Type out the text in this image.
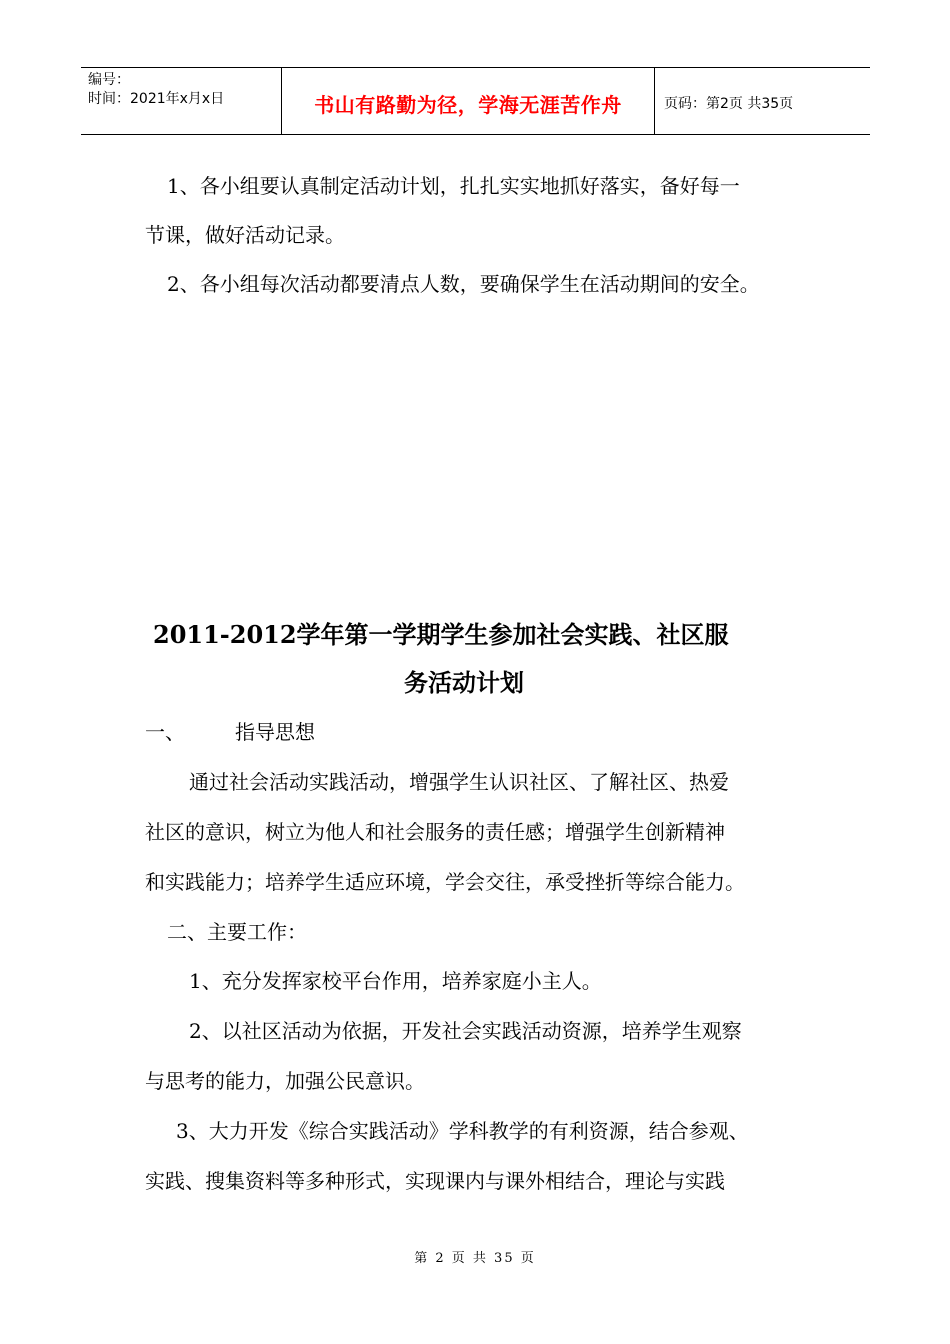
编号：
时间：2021年x月x日	书山有路勤为径，学海无涯苦作舟	页码：第2页 共35页
1、各小组要认真制定活动计划，扎扎实实地抓好落实，备好每一
节课，做好活动记录。
2、各小组每次活动都要清点人数，要确保学生在活动期间的安全。
2011-2012学年第一学期学生参加社会实践、社区服
务活动计划
一、	指导思想
通过社会活动实践活动，增强学生认识社区、了解社区、热爱
社区的意识，树立为他人和社会服务的责任感；增强学生创新精神
和实践能力；培养学生适应环境，学会交往，承受挫折等综合能力。
二、主要工作：
1、充分发挥家校平台作用，培养家庭小主人。
2、以社区活动为依据，开发社会实践活动资源，培养学生观察
与思考的能力，加强公民意识。
3、大力开发《综合实践活动》学科教学的有利资源，结合参观、
实践、搜集资料等多种形式，实现课内与课外相结合，理论与实践
第 2 页 共 35 页
